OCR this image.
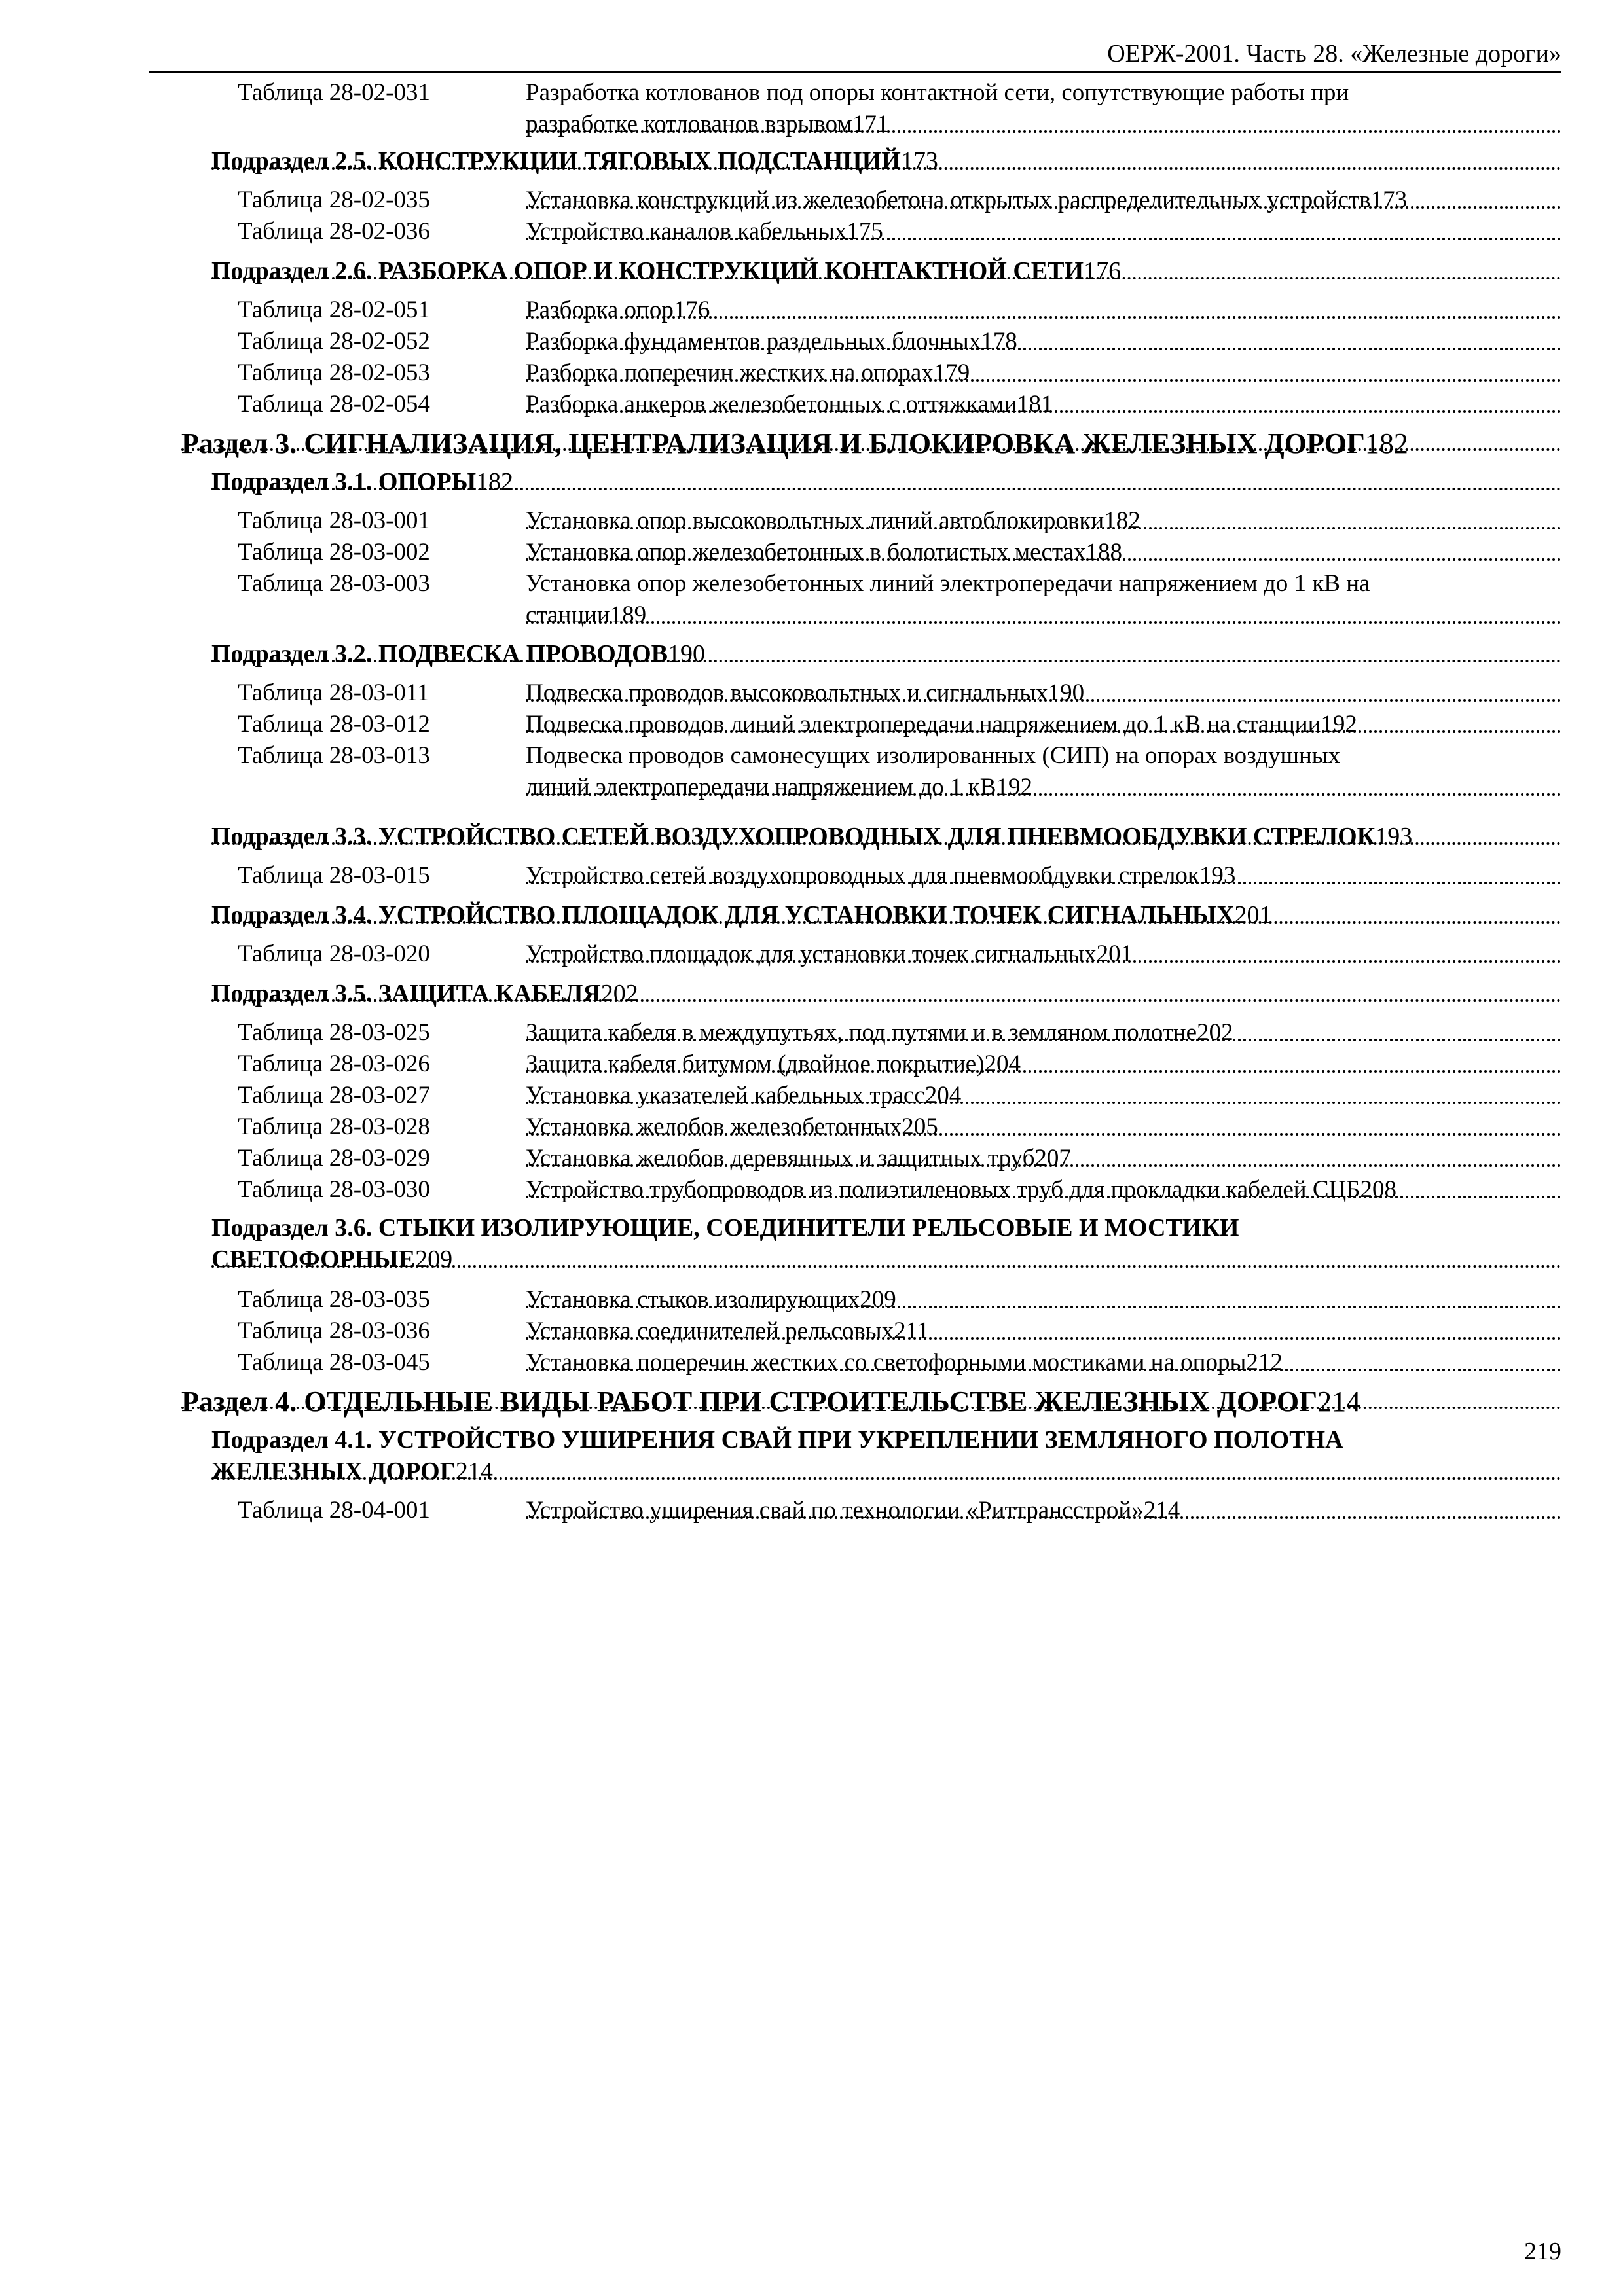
ОЕРЖ-2001. Часть 28. «Железные дороги»
Таблица 28-02-031	Разработка котлованов под опоры контактной сети, сопутствующие работы при
разработке котлованов взрывом171
Подраздел 2.5. КОНСТРУКЦИИ ТЯГОВЫХ ПОДСТАНЦИЙ173
Таблица 28-02-035	Установка конструкций из железобетона открытых распределительных устройств173
Таблица 28-02-036	Устройство каналов кабельных175
Подраздел 2.6. РАЗБОРКА ОПОР И КОНСТРУКЦИЙ КОНТАКТНОЙ СЕТИ176
Таблица 28-02-051	Разборка опор176
Таблица 28-02-052	Разборка фундаментов раздельных блочных178
Таблица 28-02-053	Разборка поперечин жестких на опорах179
Таблица 28-02-054	Разборка анкеров железобетонных с оттяжками181
Раздел 3. СИГНАЛИЗАЦИЯ, ЦЕНТРАЛИЗАЦИЯ И БЛОКИРОВКА ЖЕЛЕЗНЫХ ДОРОГ182
Подраздел 3.1. ОПОРЫ182
Таблица 28-03-001	Установка опор высоковольтных линий автоблокировки182
Таблица 28-03-002	Установка опор железобетонных в болотистых местах188
Таблица 28-03-003	Установка опор железобетонных линий электропередачи напряжением до 1 кВ на
станции189
Подраздел 3.2. ПОДВЕСКА ПРОВОДОВ190
Таблица 28-03-011	Подвеска проводов высоковольтных и сигнальных190
Таблица 28-03-012	Подвеска проводов линий электропередачи напряжением до 1 кВ на станции192
Таблица 28-03-013	Подвеска проводов самонесущих изолированных (СИП) на опорах воздушных
линий электропередачи напряжением до 1 кВ192
Подраздел 3.3. УСТРОЙСТВО СЕТЕЙ ВОЗДУХОПРОВОДНЫХ ДЛЯ ПНЕВМООБДУВКИ СТРЕЛОК193
Таблица 28-03-015	Устройство сетей воздухопроводных для пневмообдувки стрелок193
Подраздел 3.4. УСТРОЙСТВО ПЛОЩАДОК ДЛЯ УСТАНОВКИ ТОЧЕК СИГНАЛЬНЫХ201
Таблица 28-03-020	Устройство площадок для установки точек сигнальных201
Подраздел 3.5. ЗАЩИТА КАБЕЛЯ202
Таблица 28-03-025	Защита кабеля в междупутьях, под путями и в земляном полотне202
Таблица 28-03-026	Защита кабеля битумом (двойное покрытие)204
Таблица 28-03-027	Установка указателей кабельных трасс204
Таблица 28-03-028	Установка желобов железобетонных205
Таблица 28-03-029	Установка желобов деревянных и защитных труб207
Таблица 28-03-030	Устройство трубопроводов из полиэтиленовых труб для прокладки кабелей СЦБ208
Подраздел 3.6. СТЫКИ ИЗОЛИРУЮЩИЕ, СОЕДИНИТЕЛИ РЕЛЬСОВЫЕ И МОСТИКИ
СВЕТОФОРНЫЕ209
Таблица 28-03-035	Установка стыков изолирующих209
Таблица 28-03-036	Установка соединителей рельсовых211
Таблица 28-03-045	Установка поперечин жестких со светофорными мостиками на опоры212
Раздел 4. ОТДЕЛЬНЫЕ ВИДЫ РАБОТ ПРИ СТРОИТЕЛЬСТВЕ ЖЕЛЕЗНЫХ ДОРОГ214
Подраздел 4.1. УСТРОЙСТВО УШИРЕНИЯ СВАЙ ПРИ УКРЕПЛЕНИИ ЗЕМЛЯНОГО ПОЛОТНА
ЖЕЛЕЗНЫХ ДОРОГ214
Таблица 28-04-001	Устройство уширения свай по технологии «Риттрансстрой»214
219
